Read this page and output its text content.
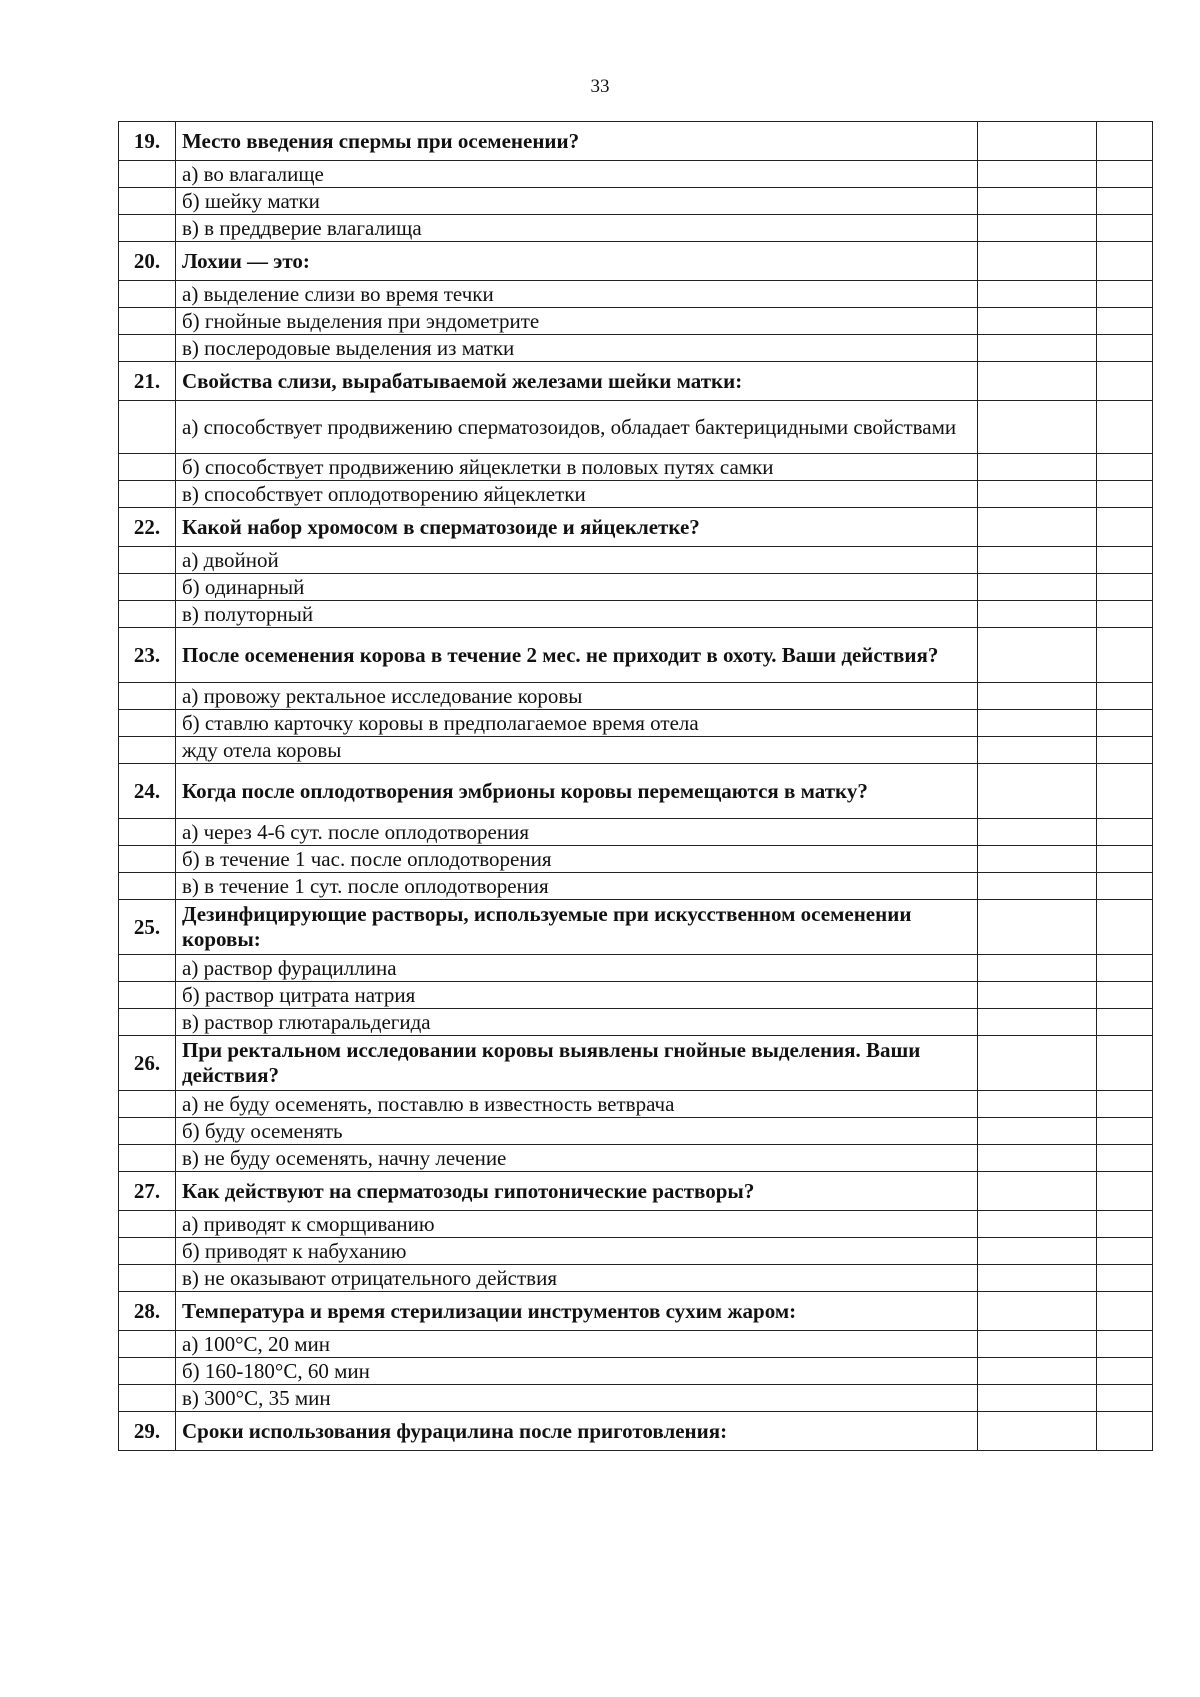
33
19.	Место введения спермы при осеменении?		
	а) во влагалище		
	б) шейку матки		
	в) в преддверие влагалища		
20.	Лохии — это:		
	а) выделение слизи во время течки		
	б) гнойные выделения при эндометрите		
	в) послеродовые выделения из матки		
21.	Свойства слизи, вырабатываемой железами шейки матки:		
	а) способствует продвижению сперматозоидов, обладает бактерицидными свойствами		
	б) способствует продвижению яйцеклетки в половых путях самки		
	в) способствует оплодотворению яйцеклетки		
22.	Какой набор хромосом в сперматозоиде и яйцеклетке?		
	а) двойной		
	б) одинарный		
	в) полуторный		
23.	После осеменения корова в течение 2 мес. не приходит в охоту. Ваши действия?		
	а) провожу ректальное исследование коровы		
	б) ставлю карточку коровы в предполагаемое время отела		
	жду отела коровы		
24.	Когда после оплодотворения эмбрионы коровы перемещаются в матку?		
	а) через 4-6 сут. после оплодотворения		
	б) в течение 1 час. после оплодотворения		
	в) в течение 1 сут. после оплодотворения		
25.	Дезинфицирующие растворы, используемые при искусственном осеменении коровы:		
	а) раствор фурациллина		
	б) раствор цитрата натрия		
	в) раствор глютаральдегида		
26.	При ректальном исследовании коровы выявлены гнойные выделения. Ваши действия?		
	а) не буду осеменять, поставлю в известность ветврача		
	б) буду осеменять		
	в) не буду осеменять, начну лечение		
27.	Как действуют на сперматозоды гипотонические растворы?		
	а) приводят к сморщиванию		
	б) приводят к набуханию		
	в) не оказывают отрицательного действия		
28.	Температура и время стерилизации инструментов сухим жаром:		
	а) 100°С, 20 мин		
	б) 160-180°С, 60 мин		
	в) 300°С, 35 мин		
29.	Сроки использования фурацилина после приготовления:		
